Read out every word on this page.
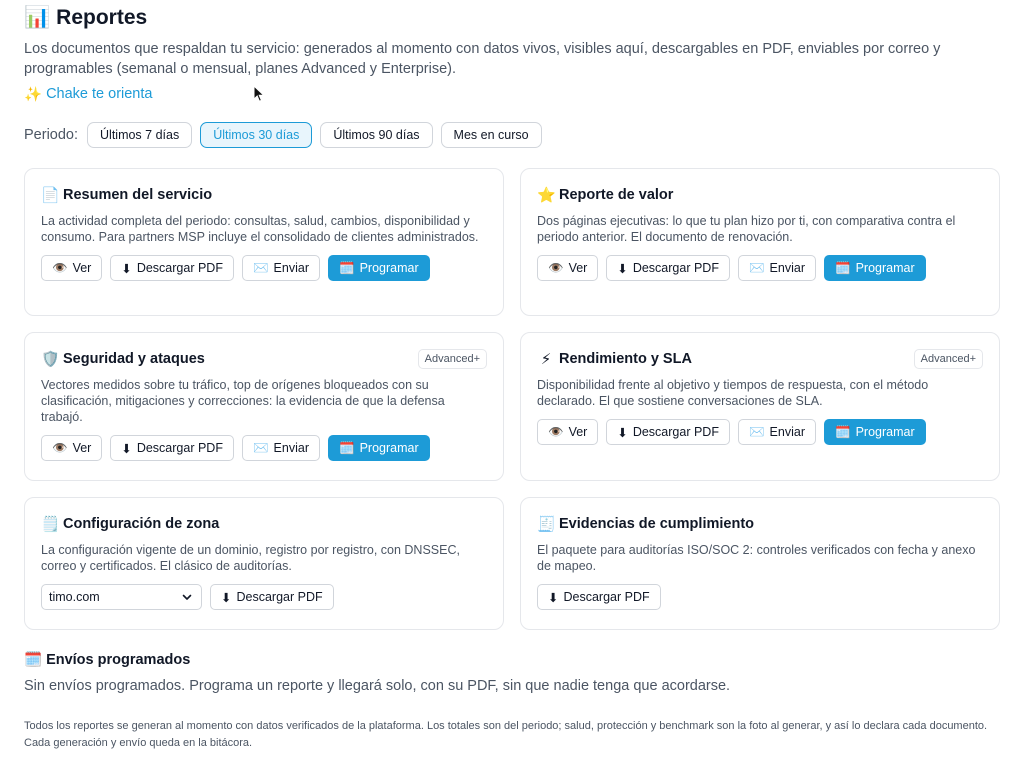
📊 Reportes

Los documentos que respaldan tu servicio: generados al momento con datos vivos, visibles aquí, descargables en PDF, enviables por correo y programables (semanal o mensual, planes Advanced y Enterprise).

✨ Chake te orienta
Periodo:	Últimos 7 días	Últimos 30 días	Últimos 90 días	Mes en curso
📄 Resumen del servicio

La actividad completa del periodo: consultas, salud, cambios, disponibilidad y consumo. Para partners MSP incluye el consolidado de clientes administrados.

👁️ Ver ⬇ Descargar PDF ✉️ Enviar 🗓️ Programar
⭐ Reporte de valor

Dos páginas ejecutivas: lo que tu plan hizo por ti, con comparativa contra el periodo anterior. El documento de renovación.

👁️ Ver ⬇ Descargar PDF ✉️ Enviar 🗓️ Programar
🛡️ Seguridad y ataques	Advanced+

Vectores medidos sobre tu tráfico, top de orígenes bloqueados con su clasificación, mitigaciones y correcciones: la evidencia de que la defensa trabajó.

👁️ Ver ⬇ Descargar PDF ✉️ Enviar 🗓️ Programar
⚡ Rendimiento y SLA	Advanced+

Disponibilidad frente al objetivo y tiempos de respuesta, con el método declarado. El que sostiene conversaciones de SLA.

👁️ Ver ⬇ Descargar PDF ✉️ Enviar 🗓️ Programar
🗒️ Configuración de zona

La configuración vigente de un dominio, registro por registro, con DNSSEC, correo y certificados. El clásico de auditorías.

timo.com	⬇ Descargar PDF
🧾 Evidencias de cumplimiento

El paquete para auditorías ISO/SOC 2: controles verificados con fecha y anexo de mapeo.

⬇ Descargar PDF
🗓️ Envíos programados
Sin envíos programados. Programa un reporte y llegará solo, con su PDF, sin que nadie tenga que acordarse.
Todos los reportes se generan al momento con datos verificados de la plataforma. Los totales son del periodo; salud, protección y benchmark son la foto al generar, y así lo declara cada documento. Cada generación y envío queda en la bitácora.
